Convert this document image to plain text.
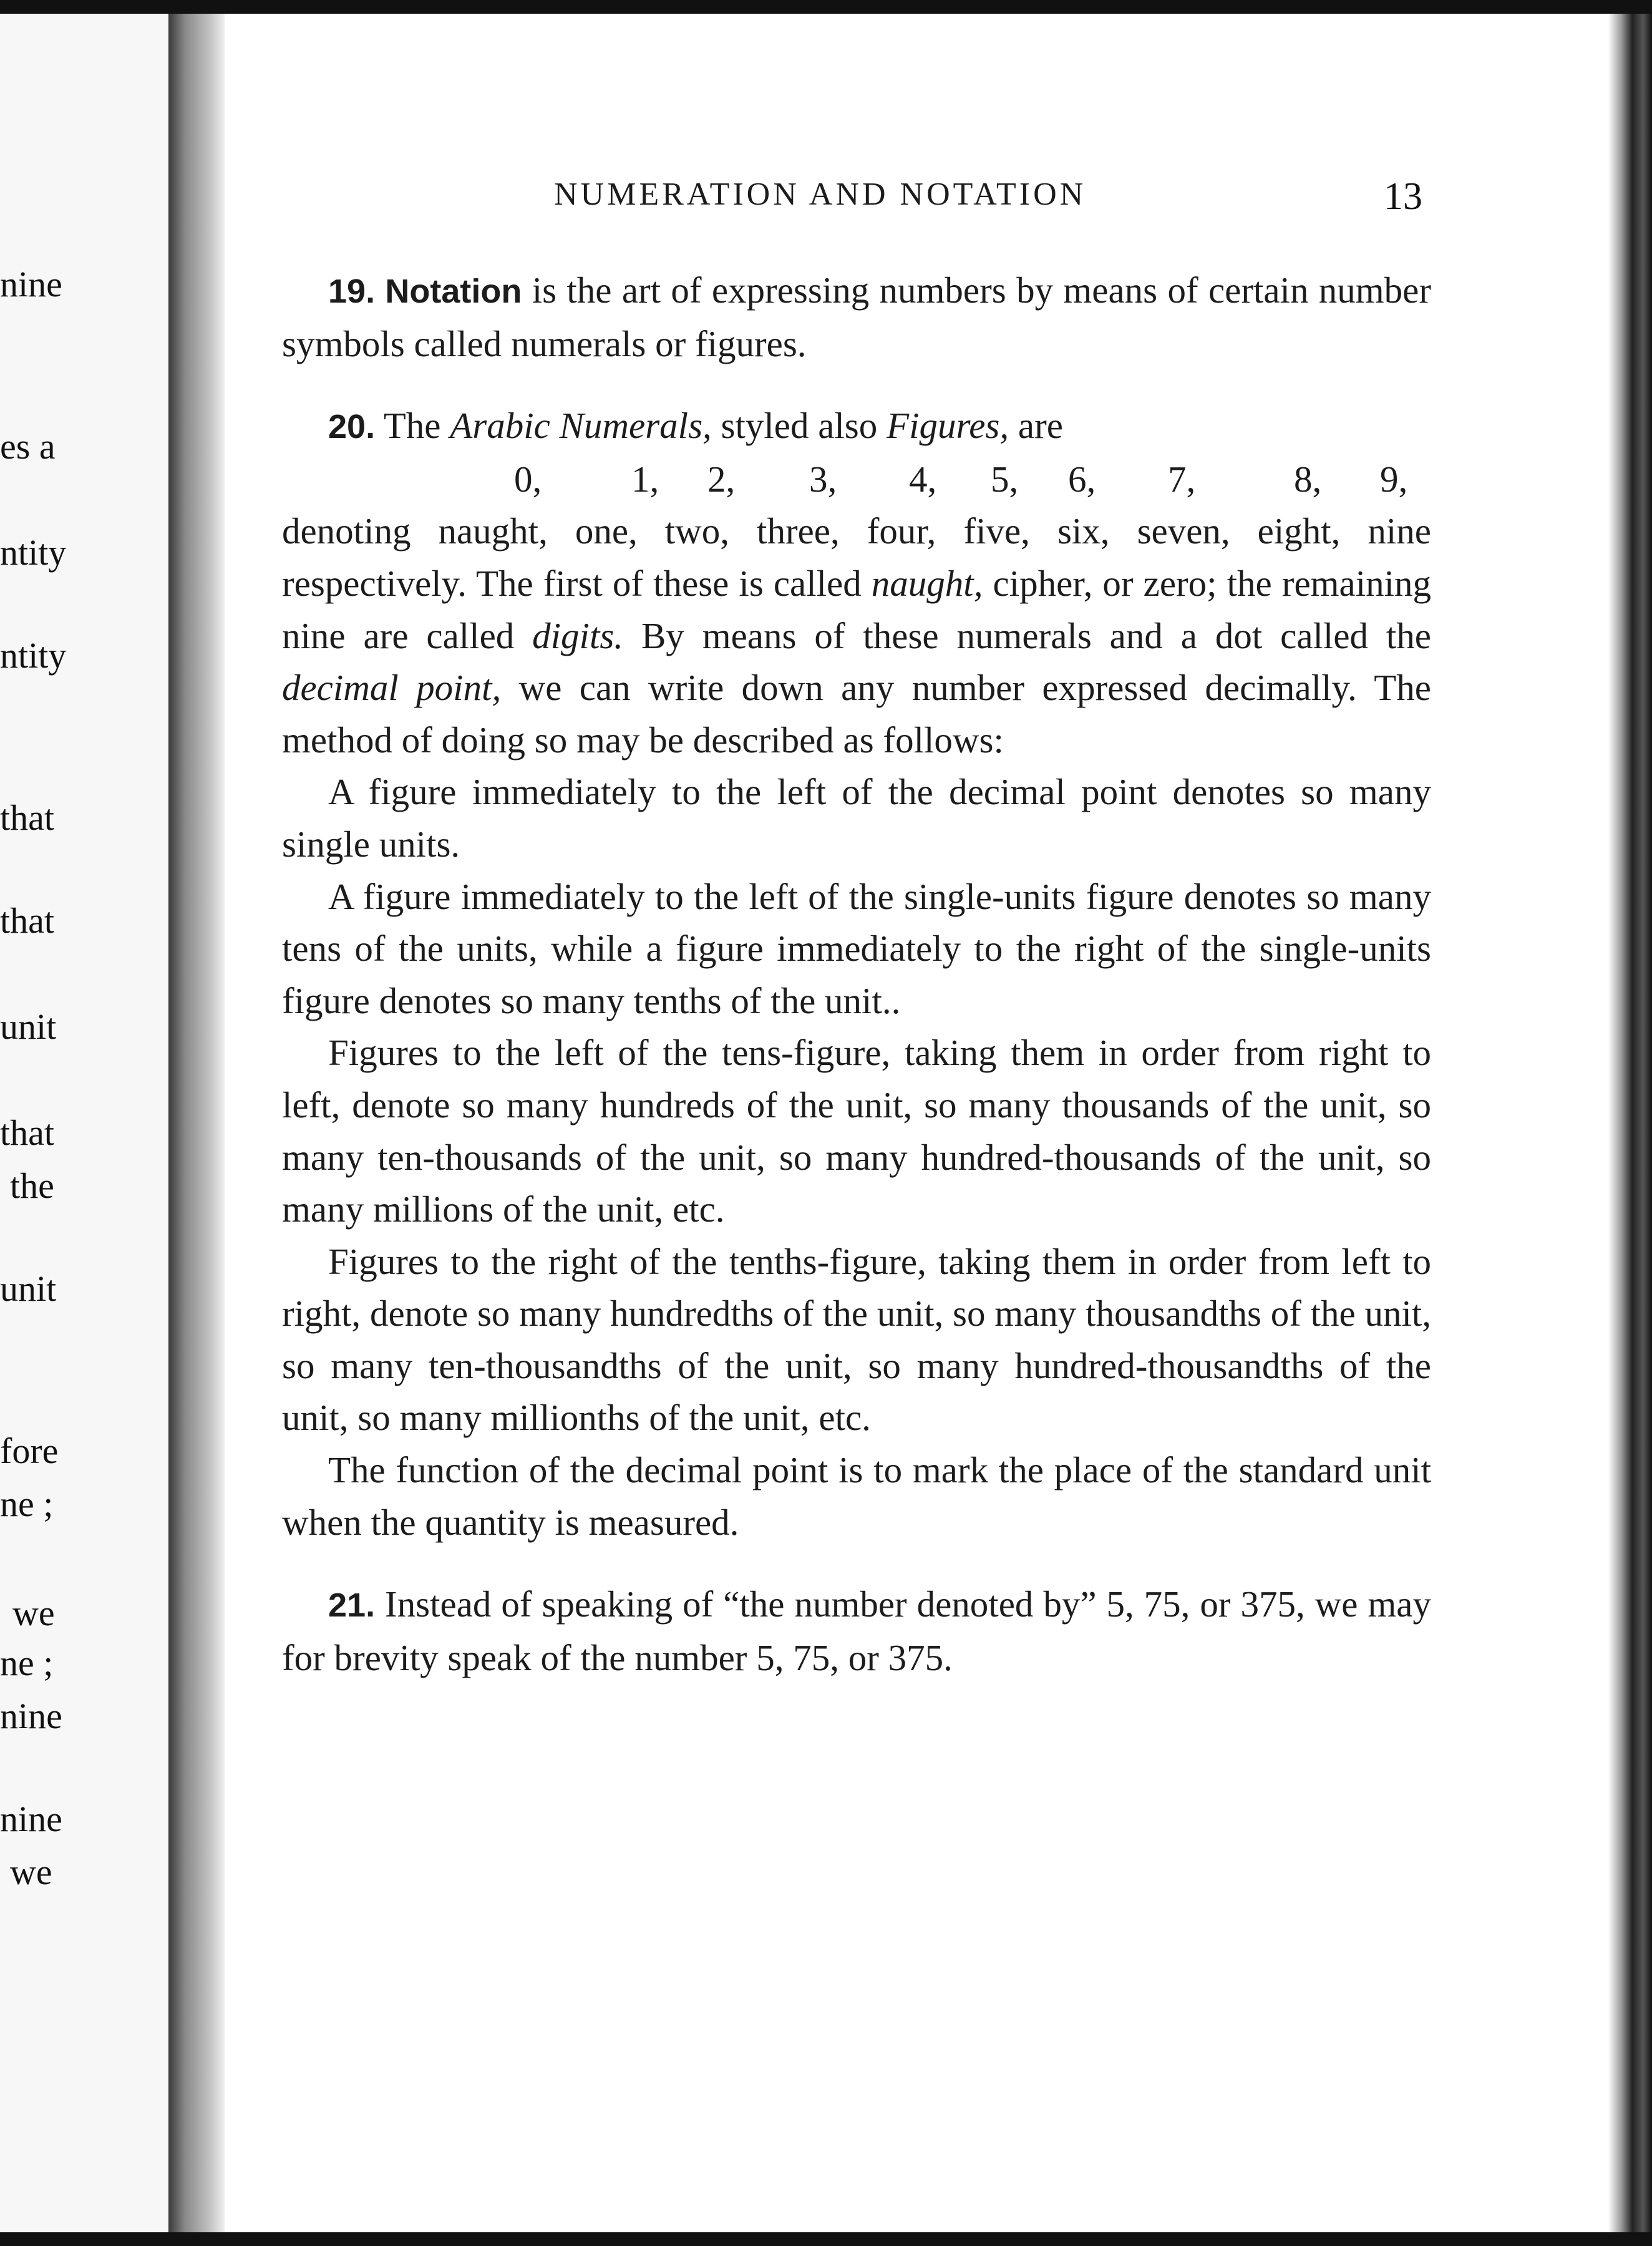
nine
es a
ntity
ntity
that
that
unit
that
the
unit
fore
ne ;
we
ne ;
nine
nine
we
NUMERATION AND NOTATION	13

19. Notation is the art of expressing numbers by means of certain number symbols called numerals or figures.

20. The Arabic Numerals, styled also Figures, are

0, 1, 2, 3, 4, 5, 6, 7,	8, 9,

denoting naught, one, two, three, four, five, six, seven, eight, nine respectively. The first of these is called naught, cipher, or zero; the remaining nine are called digits. By means of these numerals and a dot called the decimal point, we can write down any number expressed decimally. The method of doing so may be described as follows:

A figure immediately to the left of the decimal point denotes so many single units.

A figure immediately to the left of the single-units figure denotes so many tens of the units, while a figure immediately to the right of the single-units figure denotes so many tenths of the unit..

Figures to the left of the tens-figure, taking them in order from right to left, denote so many hundreds of the unit, so many thousands of the unit, so many ten-thousands of the unit, so many hundred-thousands of the unit, so many millions of the unit, etc.

Figures to the right of the tenths-figure, taking them in order from left to right, denote so many hundredths of the unit, so many thousandths of the unit, so many ten-thousandths of the unit, so many hundred-thousandths of the unit, so many millionths of the unit, etc.

The function of the decimal point is to mark the place of the standard unit when the quantity is measured.

21. Instead of speaking of “the number denoted by” 5, 75, or 375, we may for brevity speak of the number 5, 75, or 375.
